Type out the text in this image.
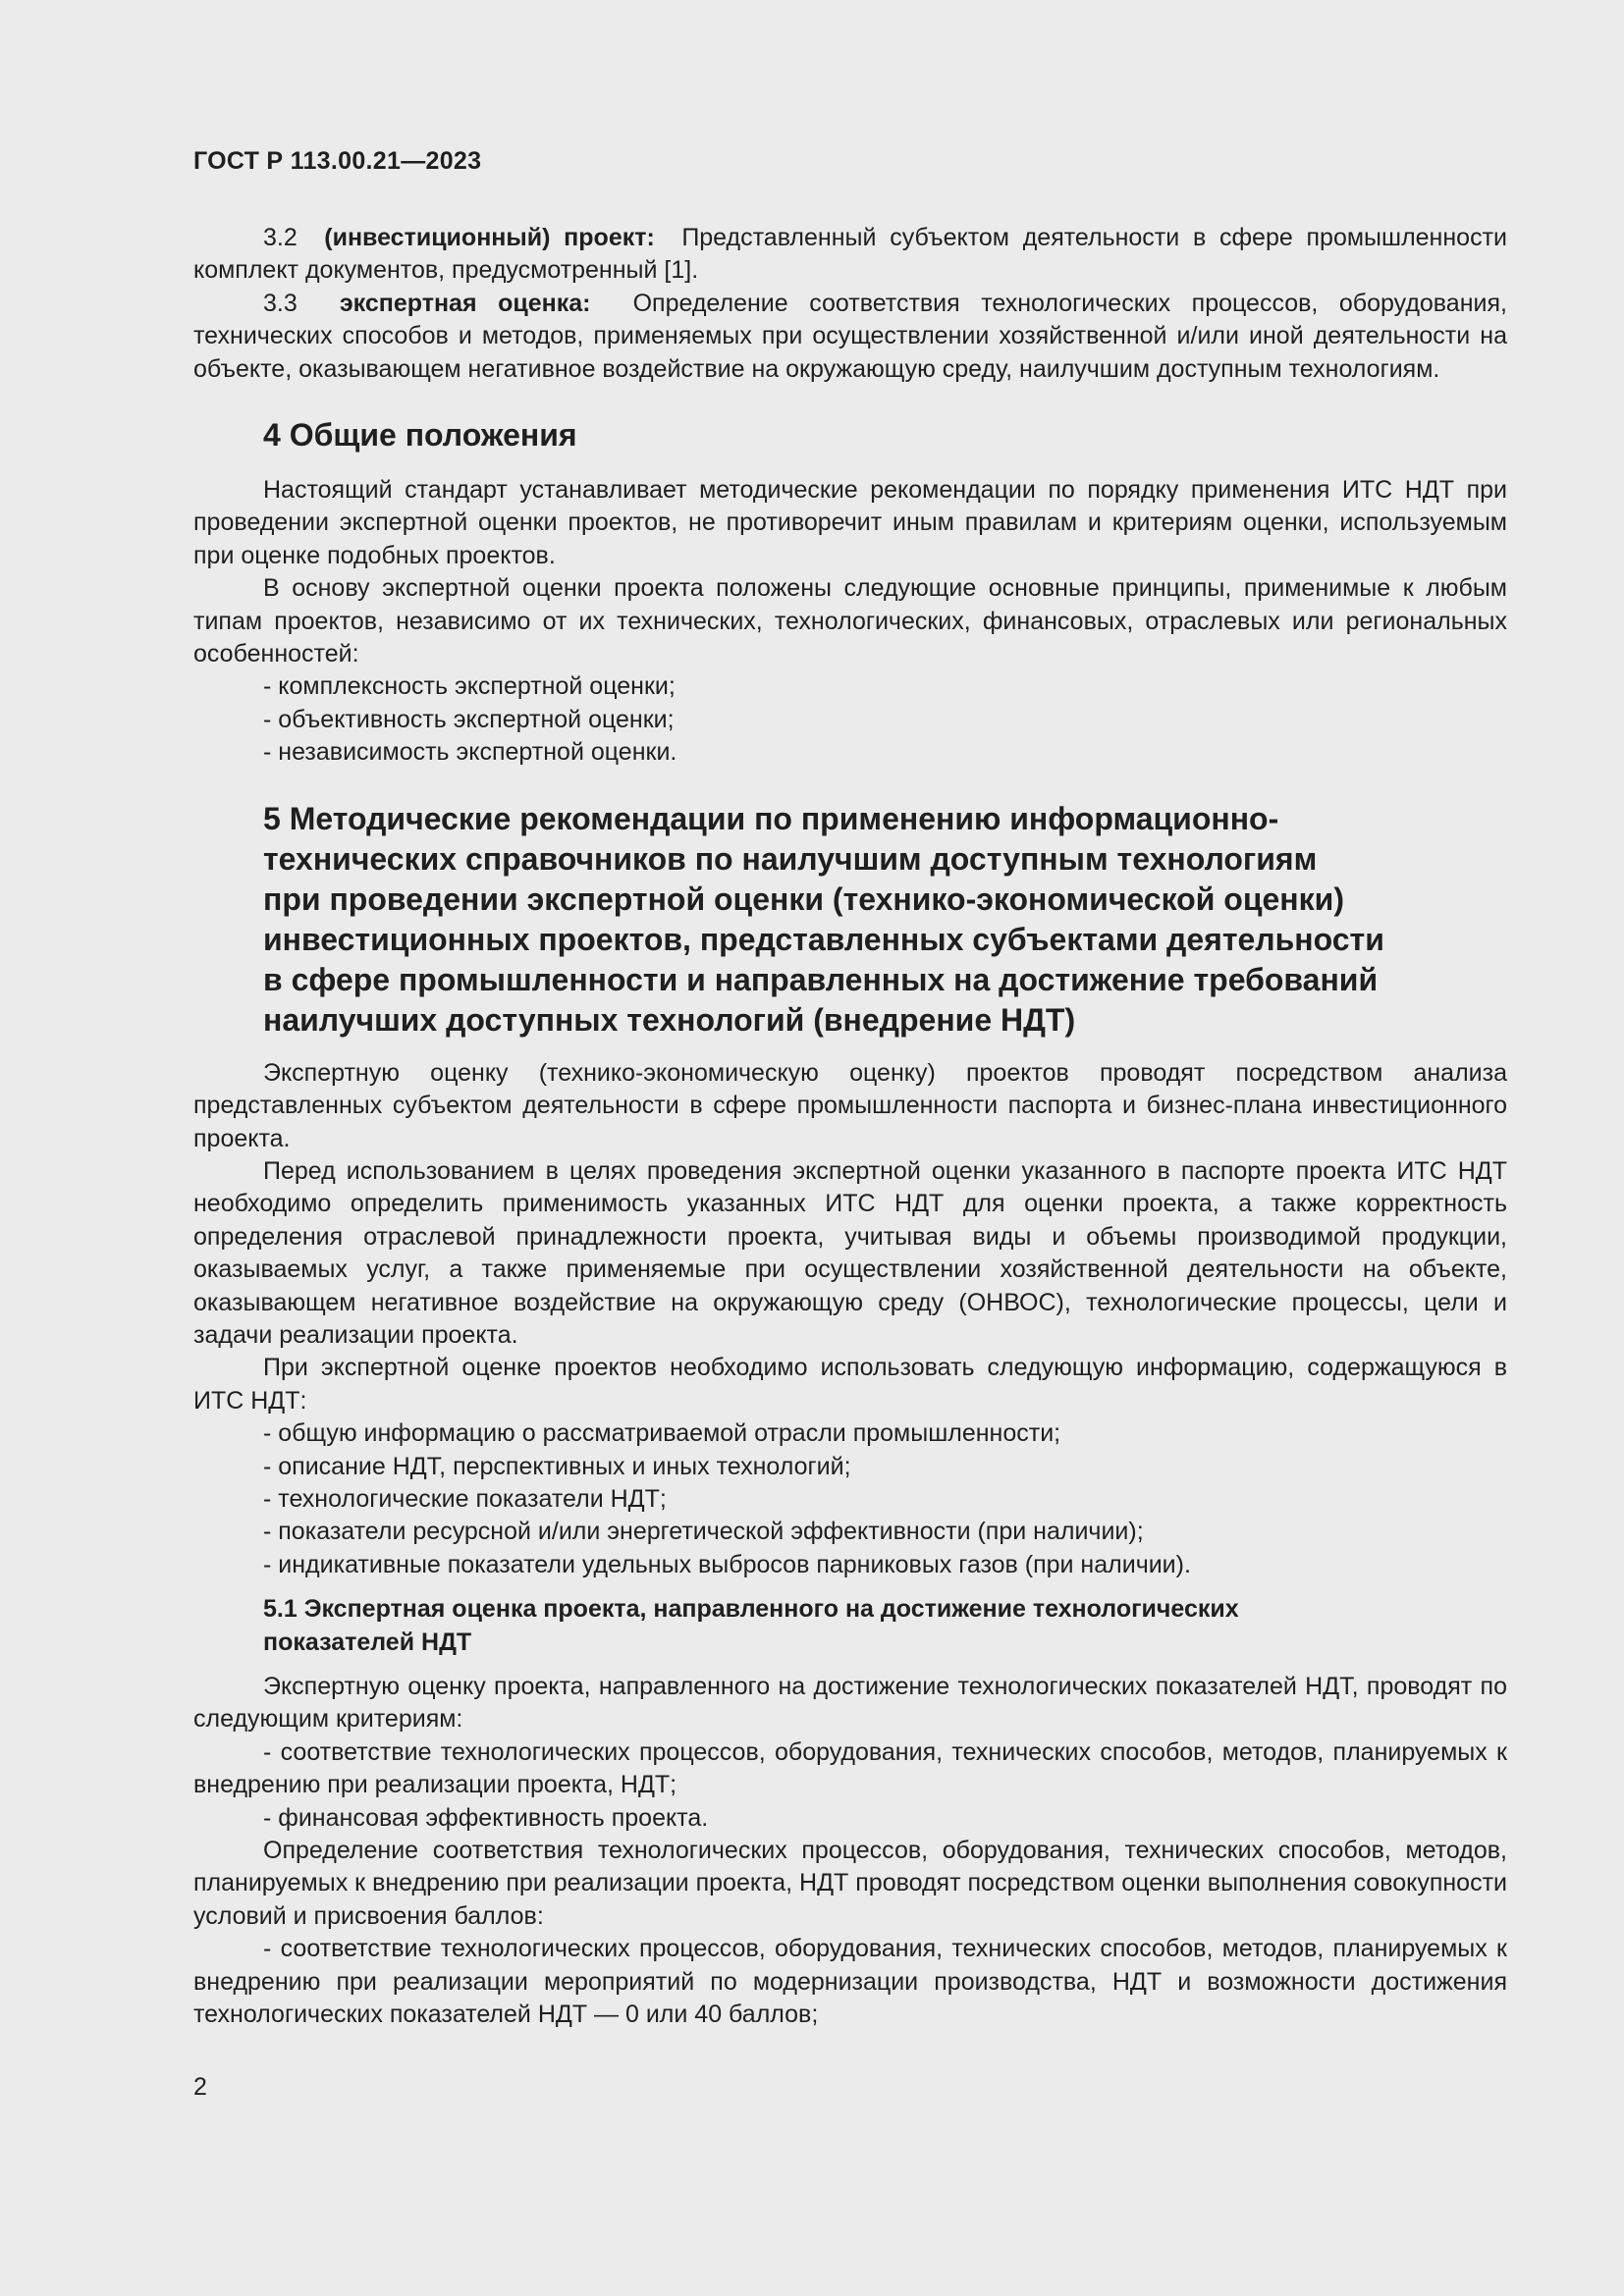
ГОСТ Р 113.00.21—2023

3.2 (инвестиционный) проект: Представленный субъектом деятельности в сфере промышленности комплект документов, предусмотренный [1].

3.3 экспертная оценка: Определение соответствия технологических процессов, оборудования, технических способов и методов, применяемых при осуществлении хозяйственной и/или иной деятельности на объекте, оказывающем негативное воздействие на окружающую среду, наилучшим доступным технологиям.

4 Общие положения

Настоящий стандарт устанавливает методические рекомендации по порядку применения ИТС НДТ при проведении экспертной оценки проектов, не противоречит иным правилам и критериям оценки, используемым при оценке подобных проектов.

В основу экспертной оценки проекта положены следующие основные принципы, применимые к любым типам проектов, независимо от их технических, технологических, финансовых, отраслевых или региональных особенностей:

- комплексность экспертной оценки;
- объективность экспертной оценки;
- независимость экспертной оценки.
5 Методические рекомендации по применению информационно-
технических справочников по наилучшим доступным технологиям
при проведении экспертной оценки (технико-экономической оценки)
инвестиционных проектов, представленных субъектами деятельности
в сфере промышленности и направленных на достижение требований
наилучших доступных технологий (внедрение НДТ)

Экспертную оценку (технико-экономическую оценку) проектов проводят посредством анализа представленных субъектом деятельности в сфере промышленности паспорта и бизнес-плана инвестиционного проекта.

Перед использованием в целях проведения экспертной оценки указанного в паспорте проекта ИТС НДТ необходимо определить применимость указанных ИТС НДТ для оценки проекта, а также корректность определения отраслевой принадлежности проекта, учитывая виды и объемы производимой продукции, оказываемых услуг, а также применяемые при осуществлении хозяйственной деятельности на объекте, оказывающем негативное воздействие на окружающую среду (ОНВОС), технологические процессы, цели и задачи реализации проекта.

При экспертной оценке проектов необходимо использовать следующую информацию, содержащуюся в ИТС НДТ:

- общую информацию о рассматриваемой отрасли промышленности;
- описание НДТ, перспективных и иных технологий;
- технологические показатели НДТ;
- показатели ресурсной и/или энергетической эффективности (при наличии);
- индикативные показатели удельных выбросов парниковых газов (при наличии).
5.1 Экспертная оценка проекта, направленного на достижение технологических
показателей НДТ

Экспертную оценку проекта, направленного на достижение технологических показателей НДТ, проводят по следующим критериям:

- соответствие технологических процессов, оборудования, технических способов, методов, планируемых к внедрению при реализации проекта, НДТ;

- финансовая эффективность проекта.

Определение соответствия технологических процессов, оборудования, технических способов, методов, планируемых к внедрению при реализации проекта, НДТ проводят посредством оценки выполнения совокупности условий и присвоения баллов:

- соответствие технологических процессов, оборудования, технических способов, методов, планируемых к внедрению при реализации мероприятий по модернизации производства, НДТ и возможности достижения технологических показателей НДТ — 0 или 40 баллов;

2
